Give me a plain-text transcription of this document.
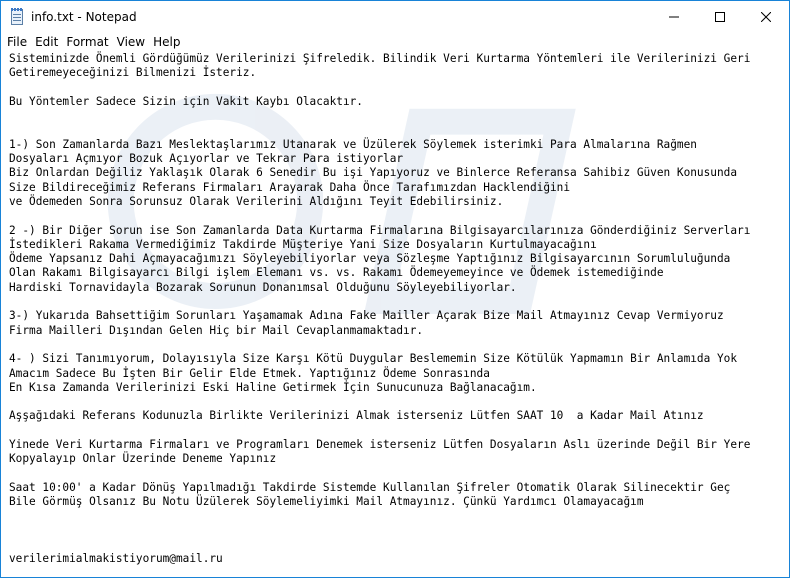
info.txt - Notepad
File Edit Format View Help
Sisteminizde Önemli Gördüğümüz Verilerinizi Şifreledik. Bilindik Veri Kurtarma Yöntemleri ile Verilerinizi Geri
Getiremeyeceğinizi Bilmenizi İsteriz.

Bu Yöntemler Sadece Sizin için Vakit Kaybı Olacaktır.

1-) Son Zamanlarda Bazı Meslektaşlarımız Utanarak ve Üzülerek Söylemek isterimki Para Almalarına Rağmen
Dosyaları Açmıyor Bozuk Açıyorlar ve Tekrar Para istiyorlar
Biz Onlardan Değiliz Yaklaşık Olarak 6 Senedir Bu işi Yapıyoruz ve Binlerce Referansa Sahibiz Güven Konusunda
Size Bildireceğimiz Referans Firmaları Arayarak Daha Önce Tarafımızdan Hacklendiğini
ve Ödemeden Sonra Sorunsuz Olarak Verilerini Aldığını Teyit Edebilirsiniz.

2 -) Bir Diğer Sorun ise Son Zamanlarda Data Kurtarma Firmalarına Bilgisayarcılarınıza Gönderdiğiniz Serverları
İstedikleri Rakama Vermediğimiz Takdirde Müşteriye Yani Size Dosyaların Kurtulmayacağını
Ödeme Yapsanız Dahi Açmayacağımızı Söyleyebiliyorlar veya Sözleşme Yaptığınız Bilgisayarcının Sorumluluğunda
Olan Rakamı Bilgisayarcı Bilgi işlem Elemanı vs. vs. Rakamı Ödemeyemeyince ve Ödemek istemediğinde
Hardiski Tornavidayla Bozarak Sorunun Donanımsal Olduğunu Söyleyebiliyorlar.

3-) Yukarıda Bahsettiğim Sorunları Yaşamamak Adına Fake Mailler Açarak Bize Mail Atmayınız Cevap Vermiyoruz
Firma Mailleri Dışından Gelen Hiç bir Mail Cevaplanmamaktadır.

4- ) Sizi Tanımıyorum, Dolayısıyla Size Karşı Kötü Duygular Beslememin Size Kötülük Yapmamın Bir Anlamıda Yok
Amacım Sadece Bu İşten Bir Gelir Elde Etmek. Yaptığınız Ödeme Sonrasında
En Kısa Zamanda Verilerinizi Eski Haline Getirmek İçin Sunucunuza Bağlanacağım.

Aşşağıdaki Referans Kodunuzla Birlikte Verilerinizi Almak isterseniz Lütfen SAAT 10  a Kadar Mail Atınız

Yinede Veri Kurtarma Firmaları ve Programları Denemek isterseniz Lütfen Dosyaların Aslı üzerinde Değil Bir Yere
Kopyalayıp Onlar Üzerinde Deneme Yapınız

Saat 10:00' a Kadar Dönüş Yapılmadığı Takdirde Sistemde Kullanılan Şifreler Otomatik Olarak Silinecektir Geç
Bile Görmüş Olsanız Bu Notu Üzülerek Söylemeliyimki Mail Atmayınız. Çünkü Yardımcı Olamayacağım

verilerimialmakistiyorum@mail.ru
